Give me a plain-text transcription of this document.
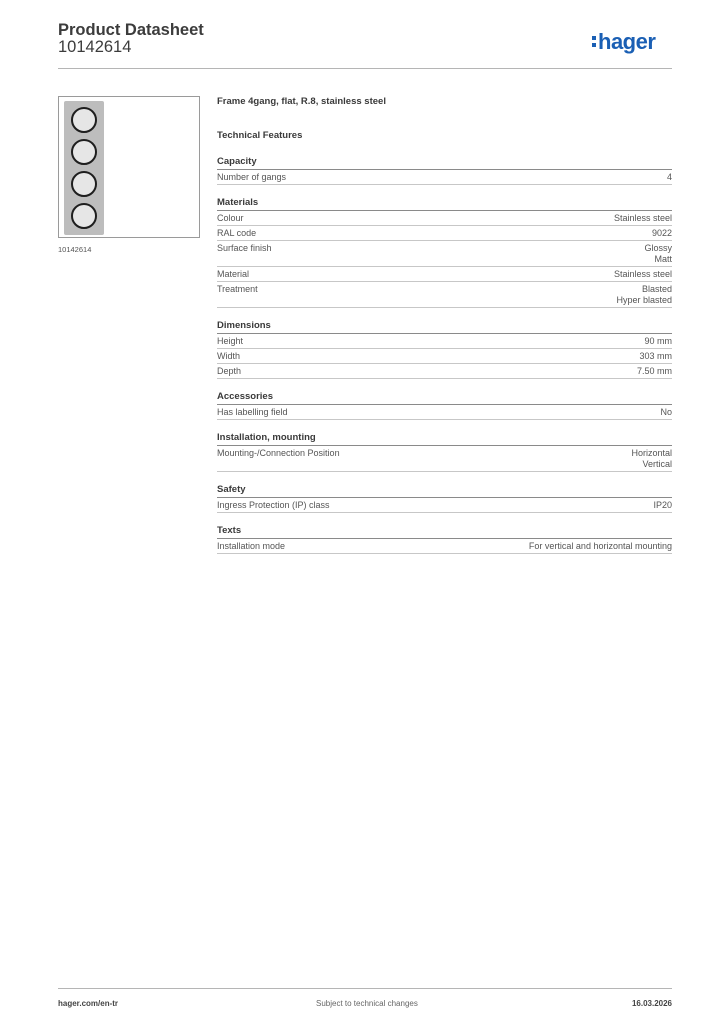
Product Datasheet
10142614	hager
10142614
Frame 4gang, flat, R.8, stainless steel
Technical Features
Capacity
Number of gangs	4
Materials
Colour	Stainless steel
RAL code	9022
Surface finish	Glossy
Matt
Material	Stainless steel
Treatment	Blasted
Hyper blasted
Dimensions
Height	90 mm
Width	303 mm
Depth	7.50 mm
Accessories
Has labelling field	No
Installation, mounting
Mounting-/Connection Position	Horizontal
Vertical
Safety
Ingress Protection (IP) class	IP20
Texts
Installation mode	For vertical and horizontal mounting
hager.com/en-tr	Subject to technical changes	16.03.2026
